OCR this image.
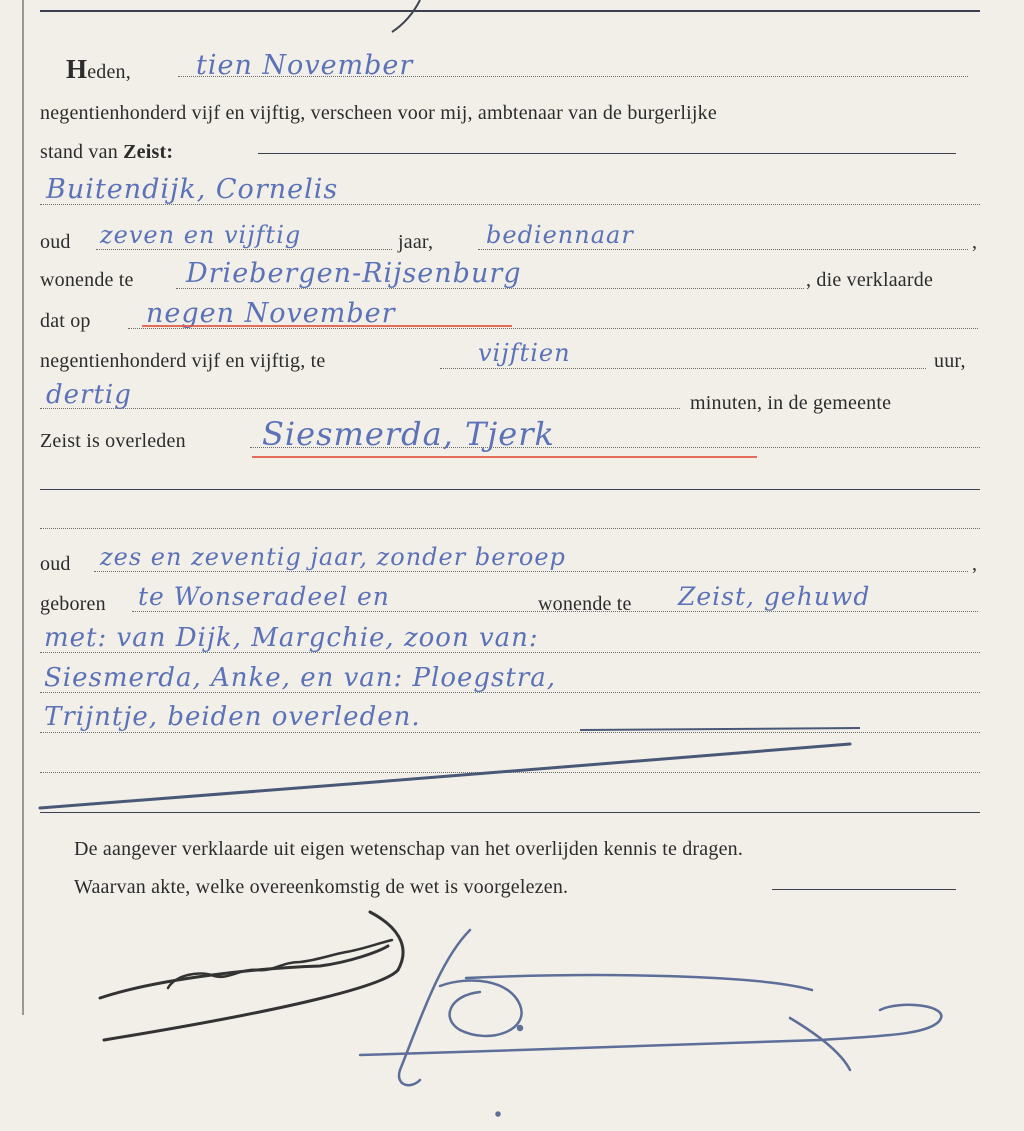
Heden, tien November
negentienhonderd vijf en vijftig, verscheen voor mij, ambtenaar van de burgerlijke
stand van Zeist:
Buitendijk, Cornelis
oud zeven en vijftig	jaar, bediennaar	,
wonende te Driebergen-Rijsenburg	, die verklaarde
dat op negen November
negentienhonderd vijf en vijftig, te	vijftien	uur,
dertig	minuten, in de gemeente
Zeist is overleden Siesmerda, Tjerk
oud zes en zeventig jaar, zonder beroep	,
geboren te Wonseradeel en	wonende te Zeist, gehuwd
met: van Dijk, Margchie, zoon van:
Siesmerda, Anke, en van: Ploegstra,
Trijntje, beiden overleden.
De aangever verklaarde uit eigen wetenschap van het overlijden kennis te dragen.
Waarvan akte, welke overeenkomstig de wet is voorgelezen.
